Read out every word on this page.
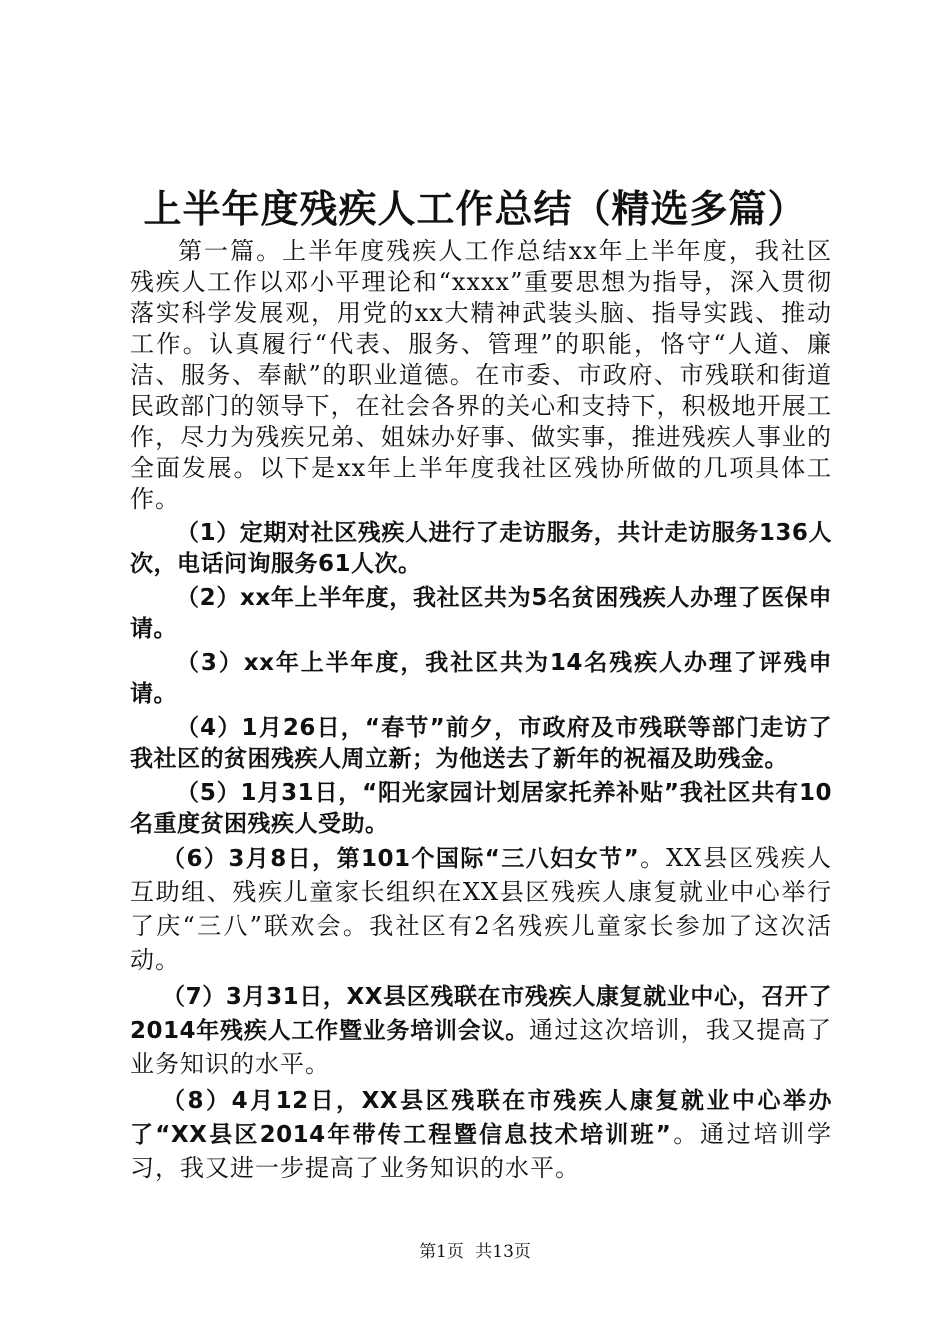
上半年度残疾人工作总结（精选多篇）

第一篇。上半年度残疾人工作总结xx年上半年度，我社区残疾人工作以邓小平理论和“xxxx”重要思想为指导，深入贯彻落实科学发展观，用党的xx大精神武装头脑、指导实践、推动工作。认真履行“代表、服务、管理”的职能，恪守“人道、廉洁、服务、奉献”的职业道德。在市委、市政府、市残联和街道民政部门的领导下，在社会各界的关心和支持下，积极地开展工作，尽力为残疾兄弟、姐妹办好事、做实事，推进残疾人事业的全面发展。以下是xx年上半年度我社区残协所做的几项具体工作。

（1）定期对社区残疾人进行了走访服务，共计走访服务136人次，电话问询服务61人次。

（2）xx年上半年度，我社区共为5名贫困残疾人办理了医保申请。

（3）xx年上半年度，我社区共为14名残疾人办理了评残申请。

（4）1月26日，“春节”前夕，市政府及市残联等部门走访了我社区的贫困残疾人周立新；为他送去了新年的祝福及助残金。

（5）1月31日，“阳光家园计划居家托养补贴”我社区共有10名重度贫困残疾人受助。

（6）3月8日，第101个国际“三八妇女节”。XX县区残疾人互助组、残疾儿童家长组织在XX县区残疾人康复就业中心举行了庆“三八”联欢会。我社区有2名残疾儿童家长参加了这次活动。

（7）3月31日，XX县区残联在市残疾人康复就业中心，召开了2014年残疾人工作暨业务培训会议。通过这次培训，我又提高了业务知识的水平。

（8）4月12日，XX县区残联在市残疾人康复就业中心举办了“XX县区2014年带传工程暨信息技术培训班”。通过培训学习，我又进一步提高了业务知识的水平。

第1页 共13页
